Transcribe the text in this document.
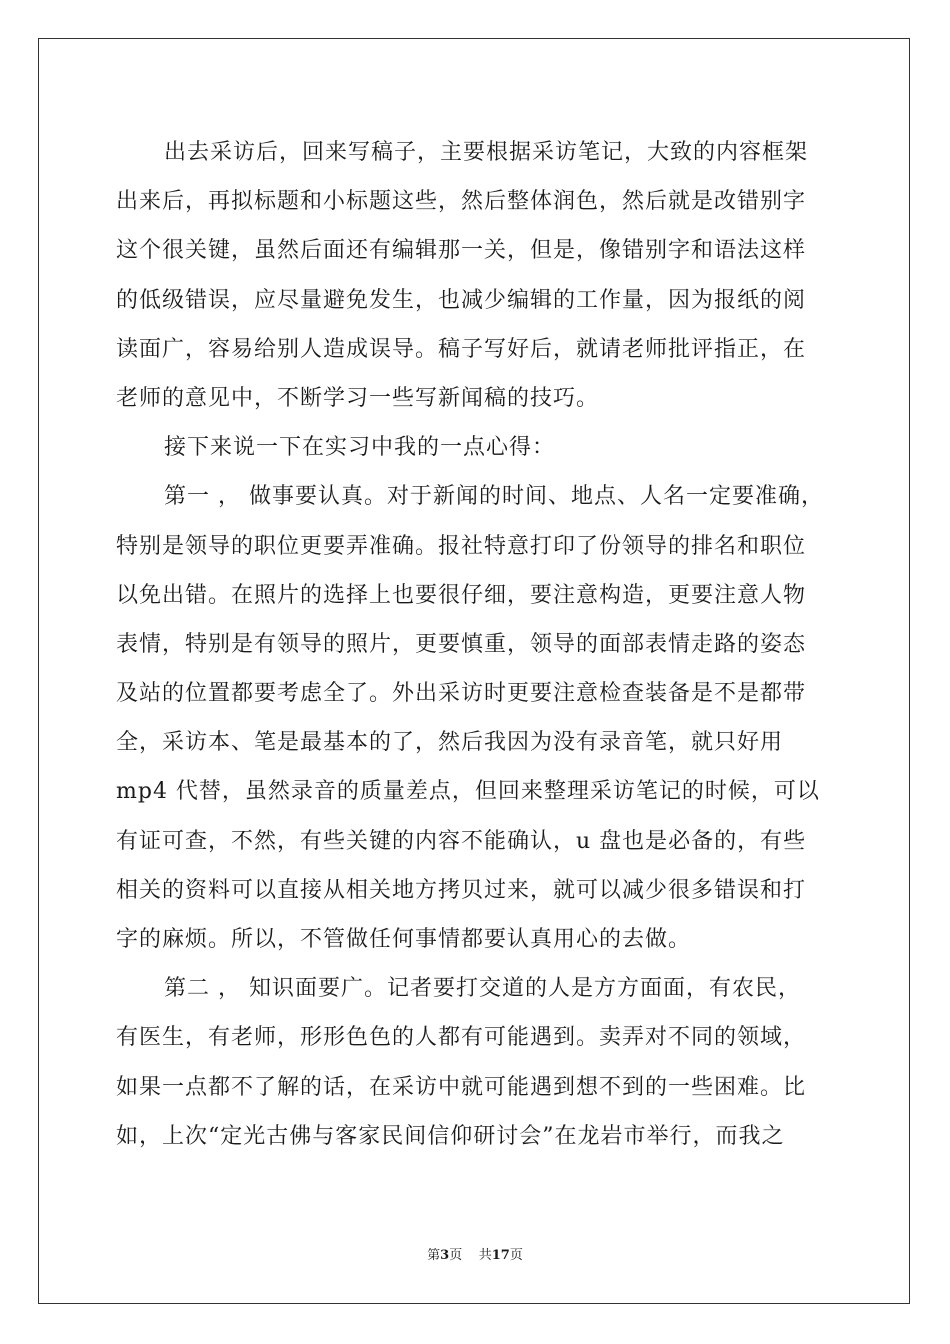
出去采访后，回来写稿子，主要根据采访笔记，大致的内容框架
出来后，再拟标题和小标题这些，然后整体润色，然后就是改错别字
这个很关键，虽然后面还有编辑那一关，但是，像错别字和语法这样
的低级错误，应尽量避免发生，也减少编辑的工作量，因为报纸的阅
读面广，容易给别人造成误导。稿子写好后，就请老师批评指正，在
老师的意见中，不断学习一些写新闻稿的技巧。
接下来说一下在实习中我的一点心得：
第一 ， 做事要认真。对于新闻的时间、地点、人名一定要准确，
特别是领导的职位更要弄准确。报社特意打印了份领导的排名和职位
以免出错。在照片的选择上也要很仔细，要注意构造，更要注意人物
表情，特别是有领导的照片，更要慎重，领导的面部表情走路的姿态
及站的位置都要考虑全了。外出采访时更要注意检查装备是不是都带
全，采访本、笔是最基本的了，然后我因为没有录音笔，就只好用
mp4 代替，虽然录音的质量差点，但回来整理采访笔记的时候，可以
有证可查，不然，有些关键的内容不能确认，u 盘也是必备的，有些
相关的资料可以直接从相关地方拷贝过来，就可以减少很多错误和打
字的麻烦。所以，不管做任何事情都要认真用心的去做。
第二 ， 知识面要广。记者要打交道的人是方方面面，有农民，
有医生，有老师，形形色色的人都有可能遇到。卖弄对不同的领域，
如果一点都不了解的话，在采访中就可能遇到想不到的一些困难。比
如，上次“定光古佛与客家民间信仰研讨会”在龙岩市举行，而我之
第3页 共17页
